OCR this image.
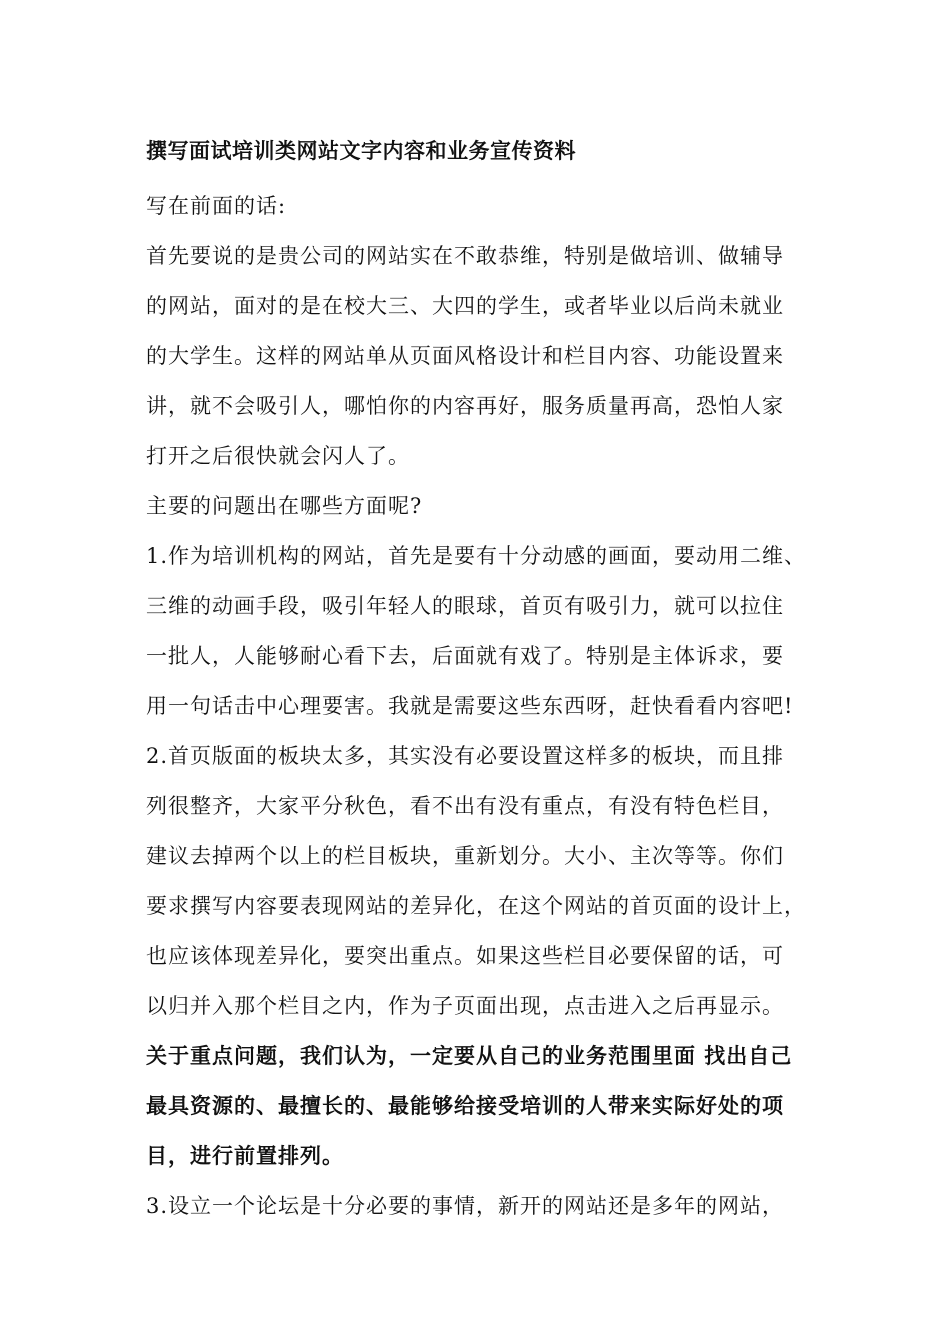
撰写面试培训类网站文字内容和业务宣传资料

写在前面的话:

首先要说的是贵公司的网站实在不敢恭维，特别是做培训、做辅导

的网站，面对的是在校大三、大四的学生，或者毕业以后尚未就业

的大学生。这样的网站单从页面风格设计和栏目内容、功能设置来

讲，就不会吸引人，哪怕你的内容再好，服务质量再高，恐怕人家

打开之后很快就会闪人了。

主要的问题出在哪些方面呢?

1.作为培训机构的网站，首先是要有十分动感的画面，要动用二维、

三维的动画手段，吸引年轻人的眼球，首页有吸引力，就可以拉住

一批人，人能够耐心看下去，后面就有戏了。特别是主体诉求，要

用一句话击中心理要害。我就是需要这些东西呀，赶快看看内容吧!

2.首页版面的板块太多，其实没有必要设置这样多的板块，而且排

列很整齐，大家平分秋色，看不出有没有重点，有没有特色栏目，

建议去掉两个以上的栏目板块，重新划分。大小、主次等等。你们

要求撰写内容要表现网站的差异化，在这个网站的首页面的设计上，

也应该体现差异化，要突出重点。如果这些栏目必要保留的话，可

以归并入那个栏目之内，作为子页面出现，点击进入之后再显示。

关于重点问题，我们认为，一定要从自己的业务范围里面 找出自己

最具资源的、最擅长的、最能够给接受培训的人带来实际好处的项

目，进行前置排列。

3.设立一个论坛是十分必要的事情，新开的网站还是多年的网站，
